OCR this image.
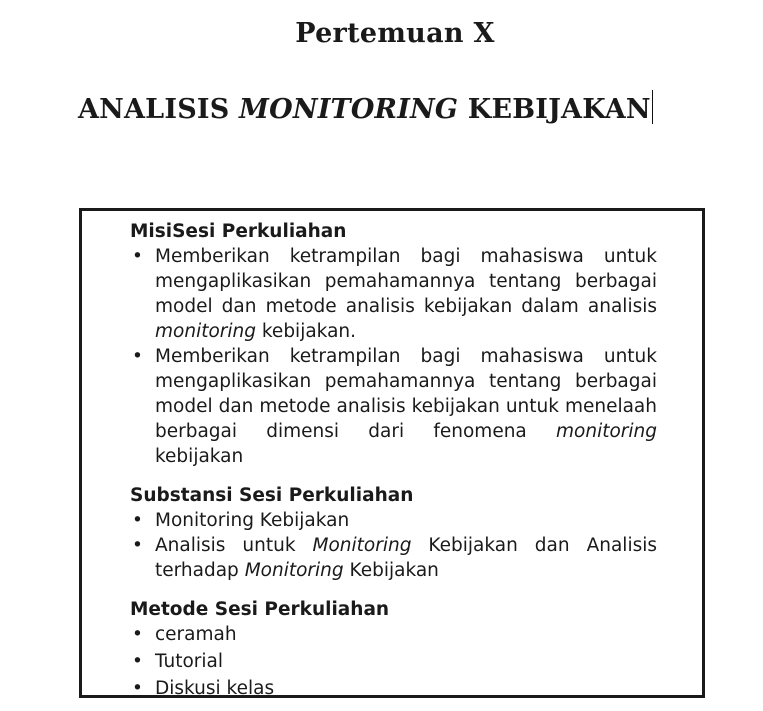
Pertemuan X
ANALISIS MONITORING KEBIJAKAN
MisiSesi Perkuliahan
• Memberikan ketrampilan bagi mahasiswa untuk mengaplikasikan pemahamannya tentang berbagai model dan metode analisis kebijakan dalam analisis monitoring kebijakan.
• Memberikan ketrampilan bagi mahasiswa untuk mengaplikasikan pemahamannya tentang berbagai model dan metode analisis kebijakan untuk menelaah berbagai dimensi dari fenomena monitoring kebijakan
Substansi Sesi Perkuliahan
• Monitoring Kebijakan
• Analisis untuk Monitoring Kebijakan dan Analisis terhadap Monitoring Kebijakan
Metode Sesi Perkuliahan
• ceramah
• Tutorial
• Diskusi kelas
